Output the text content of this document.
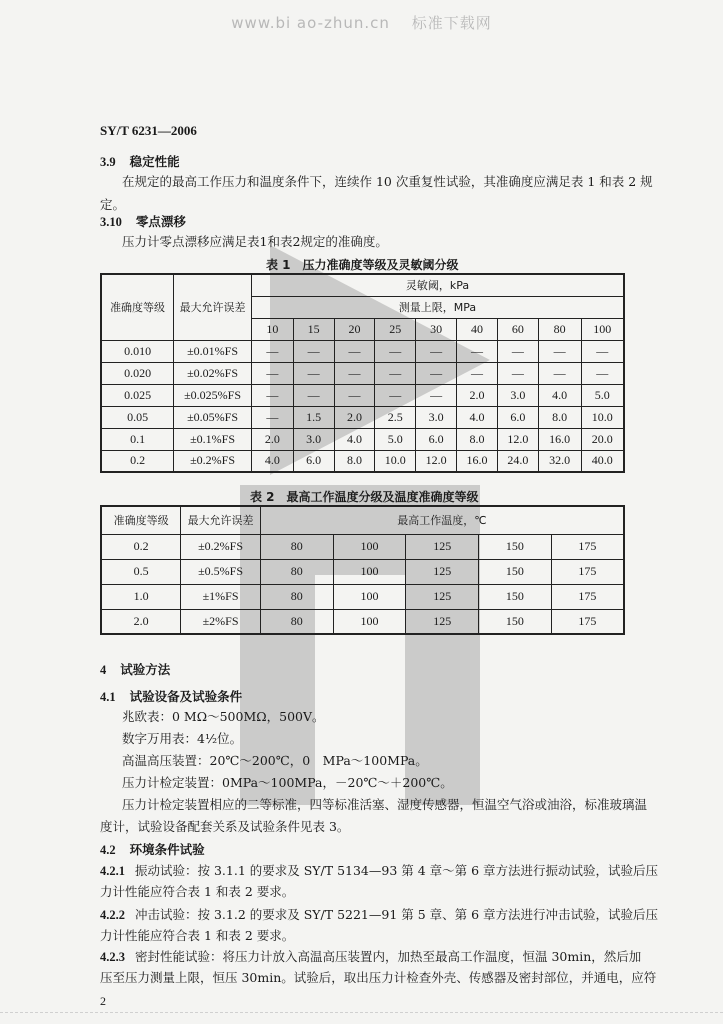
www.bi ao-zhun.cn 标准下载网
SY/T 6231—2006
3.9 稳定性能
在规定的最高工作压力和温度条件下，连续作 10 次重复性试验，其准确度应满足表 1 和表 2 规
定。
3.10 零点漂移
压力计零点漂移应满足表1和表2规定的准确度。
表 1　压力准确度等级及灵敏阈分级
准确度等级	最大允许误差	灵敏阈，kPa								
		测量上限，MPa								
		10	15	20	25	30	40	60	80	100
0.010	±0.01%FS	—	—	—	—	—	—	—	—	—
0.020	±0.02%FS	—	—	—	—	—	—	—	—	—
0.025	±0.025%FS	—	—	—	—	—	2.0	3.0	4.0	5.0
0.05	±0.05%FS	—	1.5	2.0	2.5	3.0	4.0	6.0	8.0	10.0
0.1	±0.1%FS	2.0	3.0	4.0	5.0	6.0	8.0	12.0	16.0	20.0
0.2	±0.2%FS	4.0	6.0	8.0	10.0	12.0	16.0	24.0	32.0	40.0
表 2　最高工作温度分级及温度准确度等级
准确度等级	最大允许误差	最高工作温度，℃				
0.2	±0.2%FS	80	100	125	150	175
0.5	±0.5%FS	80	100	125	150	175
1.0	±1%FS	80	100	125	150	175
2.0	±2%FS	80	100	125	150	175
4 试验方法
4.1 试验设备及试验条件
兆欧表：0 MΩ～500MΩ，500V。
数字万用表：4½位。
高温高压装置：20℃～200℃，0　MPa～100MPa。
压力计检定装置：0MPa～100MPa，－20℃～＋200℃。
压力计检定装置相应的二等标准，四等标准活塞、湿度传感器，恒温空气浴或油浴，标准玻璃温
度计，试验设备配套关系及试验条件见表 3。
4.2 环境条件试验
4.2.1 振动试验：按 3.1.1 的要求及 SY/T 5134—93 第 4 章～第 6 章方法进行振动试验，试验后压
力计性能应符合表 1 和表 2 要求。
4.2.2 冲击试验：按 3.1.2 的要求及 SY/T 5221—91 第 5 章、第 6 章方法进行冲击试验，试验后压
力计性能应符合表 1 和表 2 要求。
4.2.3 密封性能试验：将压力计放入高温高压装置内，加热至最高工作温度，恒温 30min，然后加
压至压力测量上限，恒压 30min。试验后，取出压力计检查外壳、传感器及密封部位，并通电，应符
2
